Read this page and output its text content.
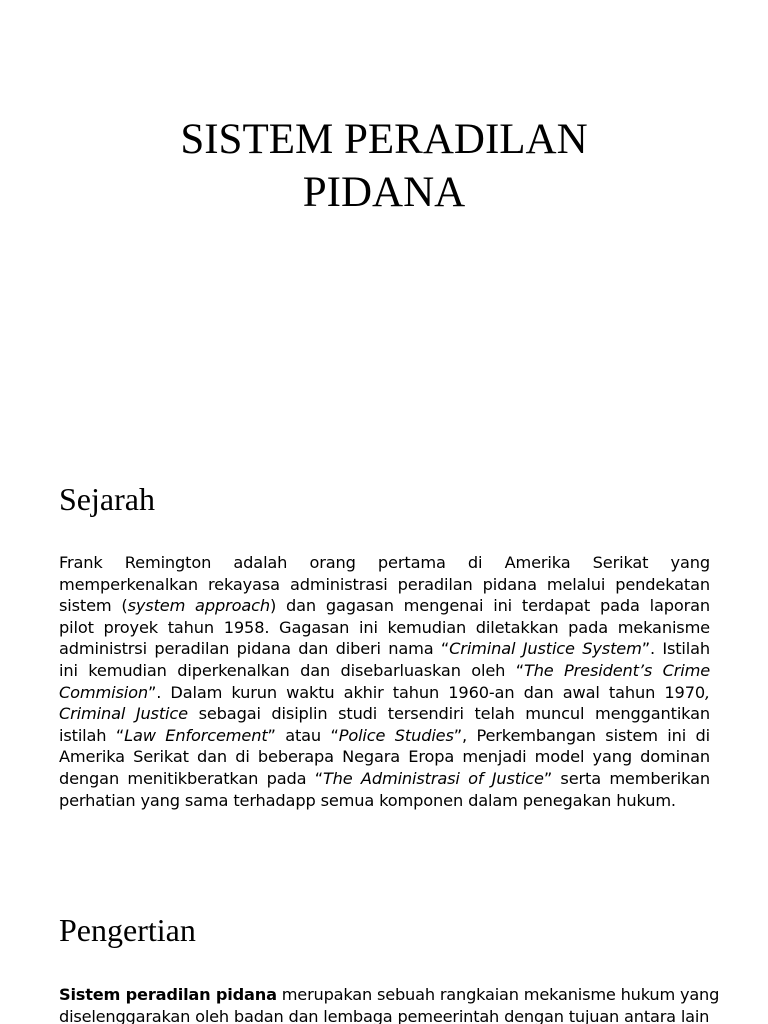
SISTEM PERADILAN
PIDANA
Sejarah
Frank Remington adalah orang pertama di Amerika Serikat yang
memperkenalkan rekayasa administrasi peradilan pidana melalui pendekatan
sistem (system approach) dan gagasan mengenai ini terdapat pada laporan
pilot proyek tahun 1958. Gagasan ini kemudian diletakkan pada mekanisme
administrsi peradilan pidana dan diberi nama “Criminal Justice System”. Istilah
ini kemudian diperkenalkan dan disebarluaskan oleh “The President’s Crime
Commision”. Dalam kurun waktu akhir tahun 1960-an dan awal tahun 1970,
Criminal Justice sebagai disiplin studi tersendiri telah muncul menggantikan
istilah “Law Enforcement” atau “Police Studies”, Perkembangan sistem ini di
Amerika Serikat dan di beberapa Negara Eropa menjadi model yang dominan
dengan menitikberatkan pada “The Administrasi of Justice” serta memberikan
perhatian yang sama terhadapp semua komponen dalam penegakan hukum.
Pengertian
Sistem peradilan pidana merupakan sebuah rangkaian mekanisme hukum yang
diselenggarakan oleh badan dan lembaga pemeerintah dengan tujuan antara lain
